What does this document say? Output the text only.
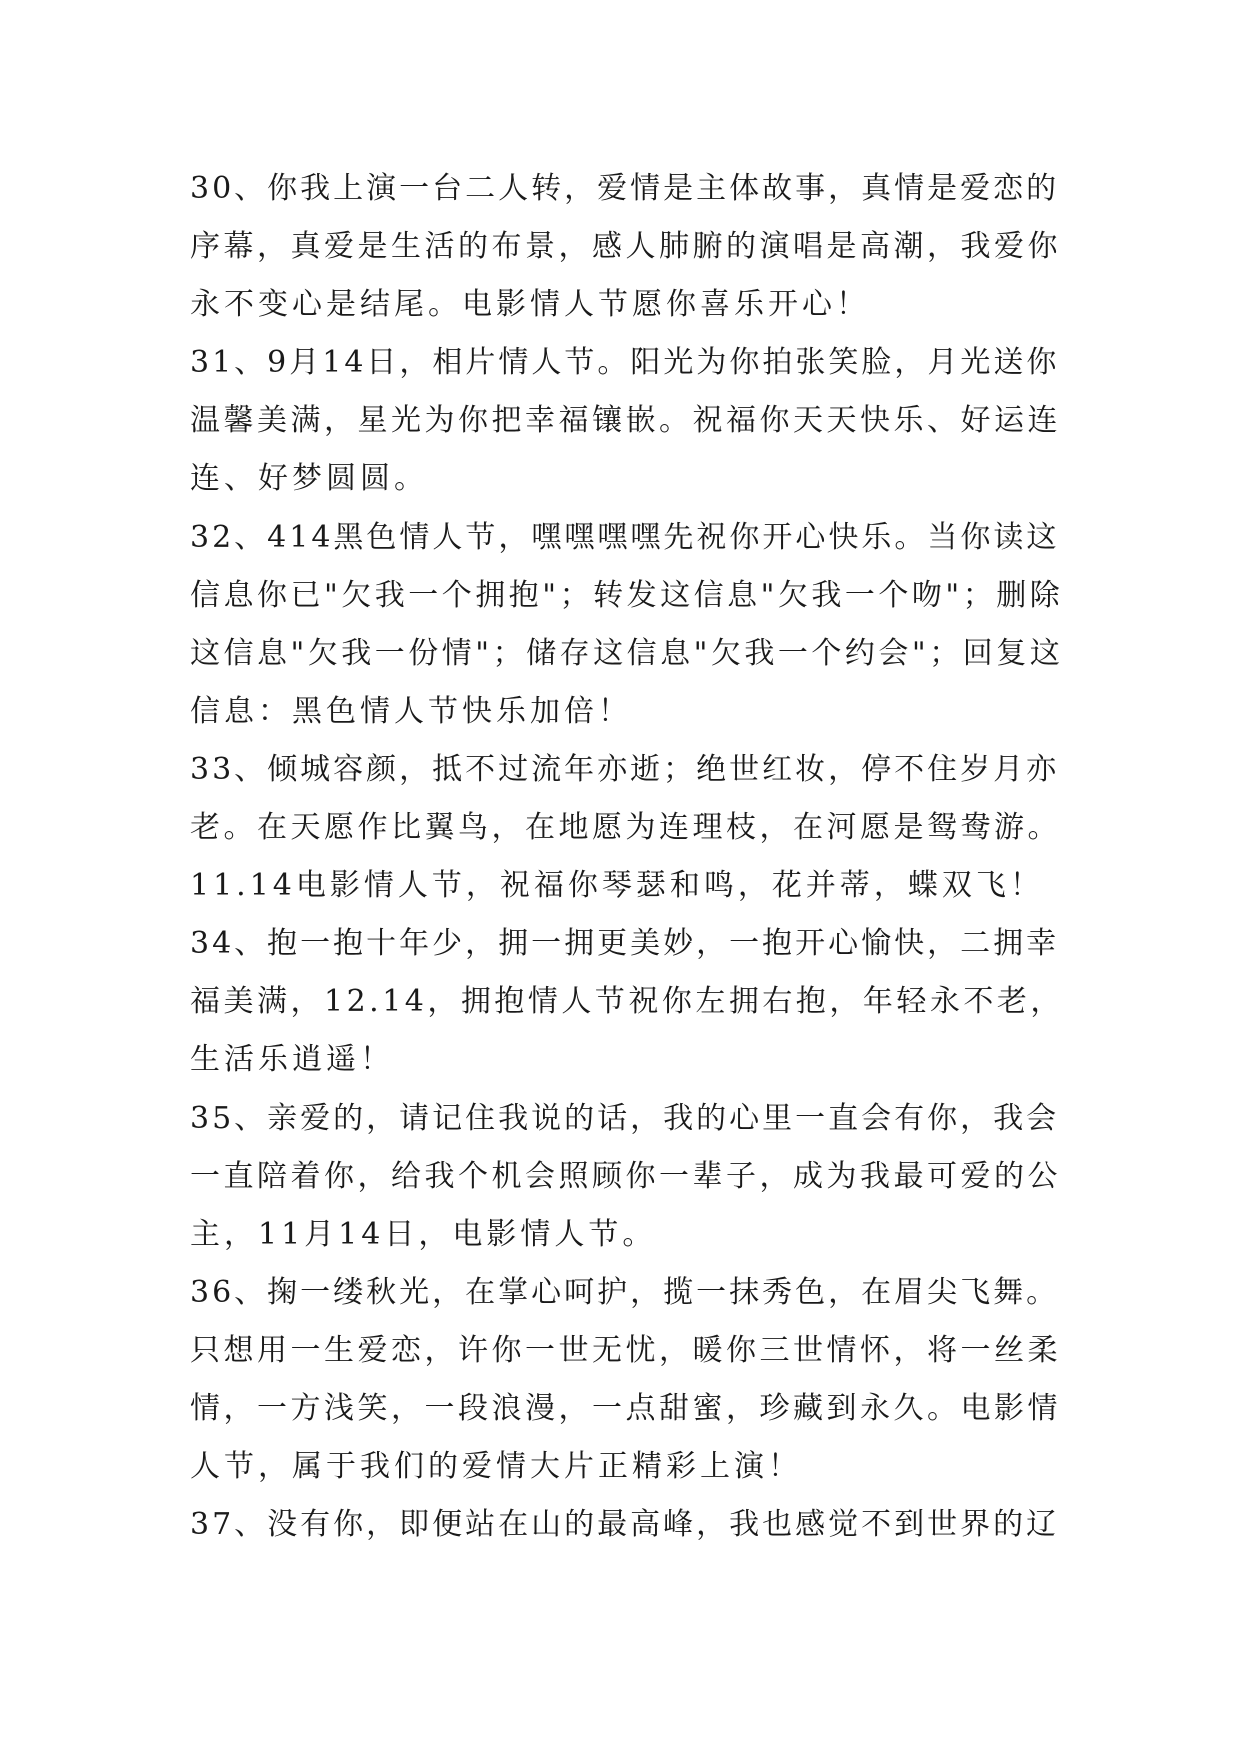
30、你我上演一台二人转，爱情是主体故事，真情是爱恋的
序幕，真爱是生活的布景，感人肺腑的演唱是高潮，我爱你
永不变心是结尾。电影情人节愿你喜乐开心！
31、9月14日，相片情人节。阳光为你拍张笑脸，月光送你
温馨美满，星光为你把幸福镶嵌。祝福你天天快乐、好运连
连、好梦圆圆。
32、414黑色情人节，嘿嘿嘿嘿先祝你开心快乐。当你读这
信息你已"欠我一个拥抱"；转发这信息"欠我一个吻"；删除
这信息"欠我一份情"；储存这信息"欠我一个约会"；回复这
信息：黑色情人节快乐加倍！
33、倾城容颜，抵不过流年亦逝；绝世红妆，停不住岁月亦
老。在天愿作比翼鸟，在地愿为连理枝，在河愿是鸳鸯游。
11.14电影情人节，祝福你琴瑟和鸣，花并蒂，蝶双飞！
34、抱一抱十年少，拥一拥更美妙，一抱开心愉快，二拥幸
福美满，12.14，拥抱情人节祝你左拥右抱，年轻永不老，
生活乐逍遥！
35、亲爱的，请记住我说的话，我的心里一直会有你，我会
一直陪着你，给我个机会照顾你一辈子，成为我最可爱的公
主，11月14日，电影情人节。
36、掬一缕秋光，在掌心呵护，揽一抹秀色，在眉尖飞舞。
只想用一生爱恋，许你一世无忧，暖你三世情怀，将一丝柔
情，一方浅笑，一段浪漫，一点甜蜜，珍藏到永久。电影情
人节，属于我们的爱情大片正精彩上演！
37、没有你，即便站在山的最高峰，我也感觉不到世界的辽
